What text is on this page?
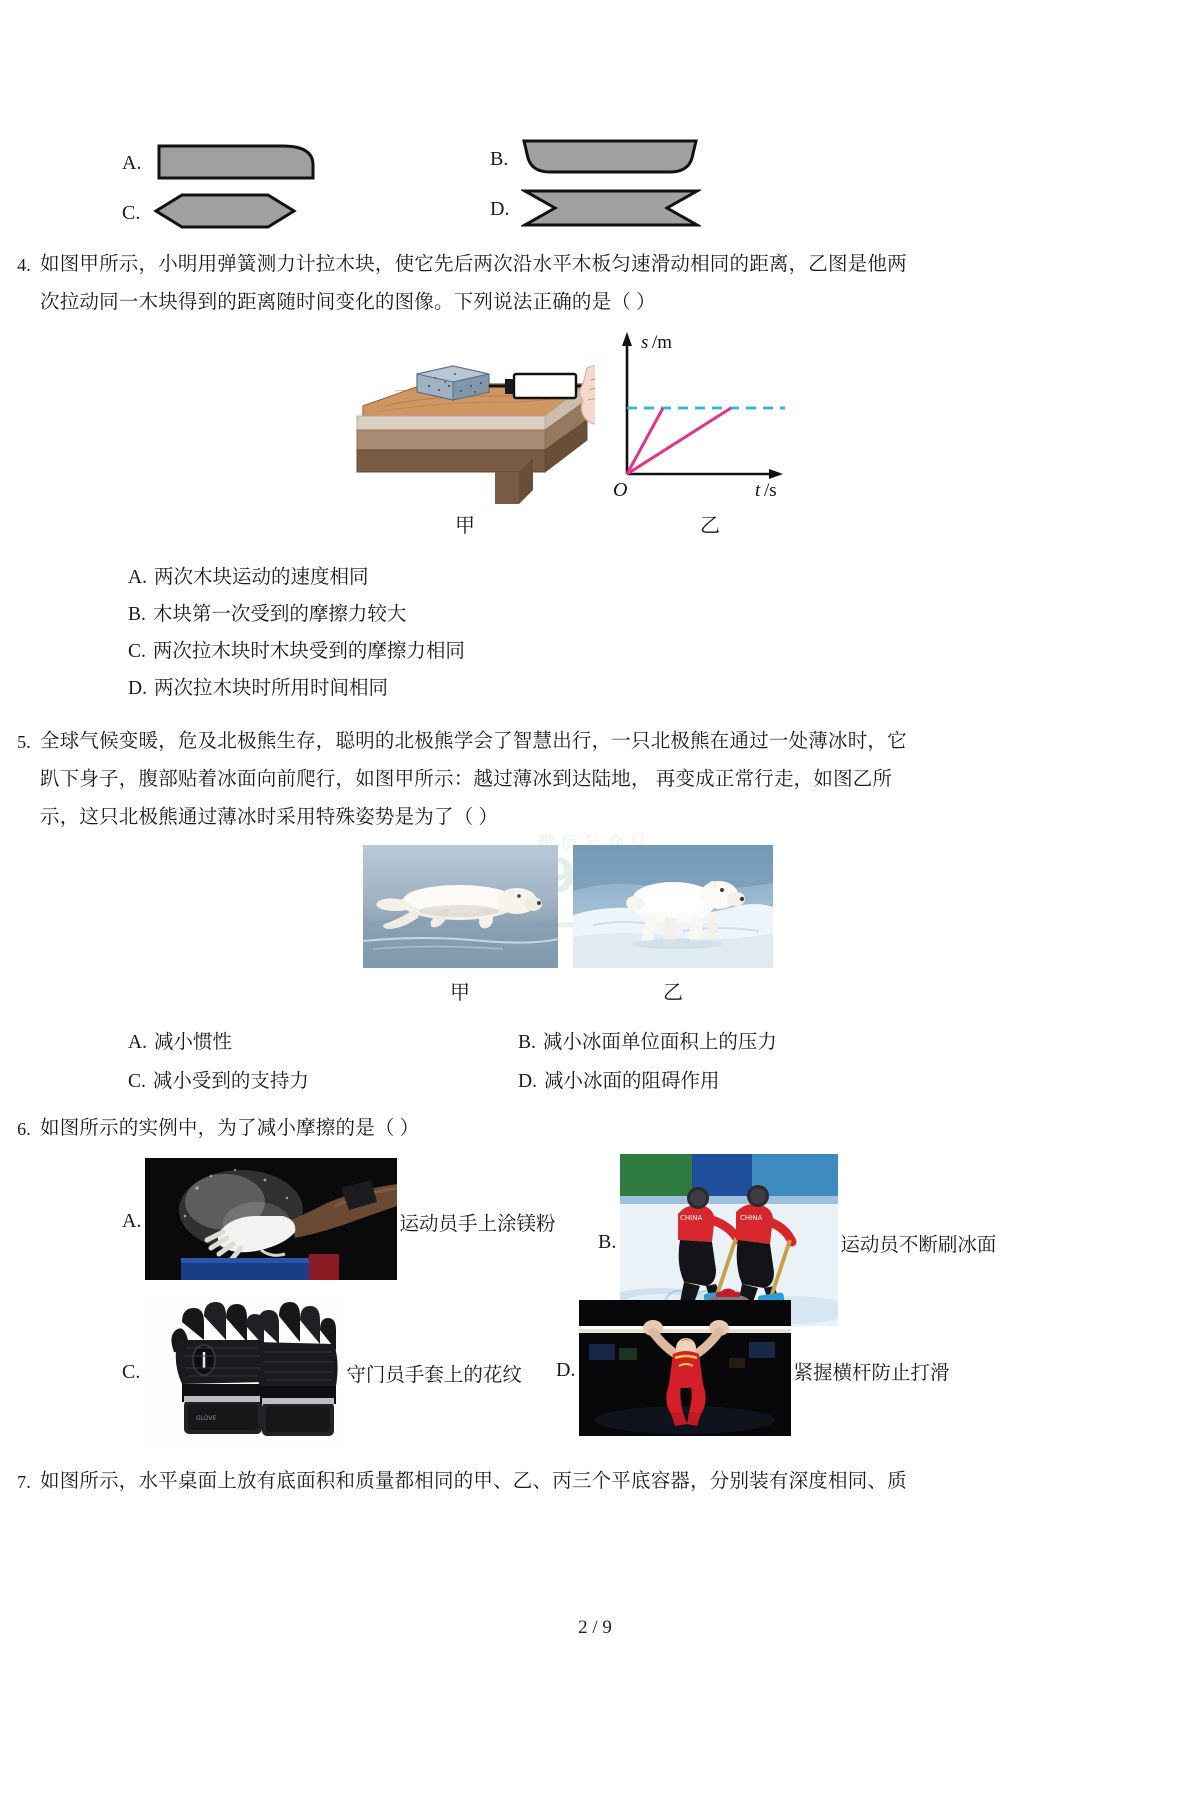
微信公众号
A.	B.
C.	D.
4. 如图甲所示，小明用弹簧测力计拉木块，使它先后两次沿水平木板匀速滑动相同的距离，乙图是他两
次拉动同一木块得到的距离随时间变化的图像。下列说法正确的是（ ）
s /m
O	t /s
甲	乙
A. 两次木块运动的速度相同
B. 木块第一次受到的摩擦力较大
C. 两次拉木块时木块受到的摩擦力相同
D. 两次拉木块时所用时间相同
5. 全球气候变暖，危及北极熊生存，聪明的北极熊学会了智慧出行，一只北极熊在通过一处薄冰时，它
趴下身子，腹部贴着冰面向前爬行，如图甲所示：越过薄冰到达陆地， 再变成正常行走，如图乙所
示，这只北极熊通过薄冰时采用特殊姿势是为了（ ）
甲	乙
A. 减小惯性	B. 减小冰面单位面积上的压力
C. 减小受到的支持力	D. 减小冰面的阻碍作用
6. 如图所示的实例中，为了减小摩擦的是（ ）
A.	运动员手上涂镁粉
B.
CHINA	CHINA
运动员不断刷冰面
C.
GLOVE
守门员手套上的花纹 D.	紧握横杆防止打滑
7. 如图所示，水平桌面上放有底面积和质量都相同的甲、乙、丙三个平底容器，分别装有深度相同、质
2 / 9
